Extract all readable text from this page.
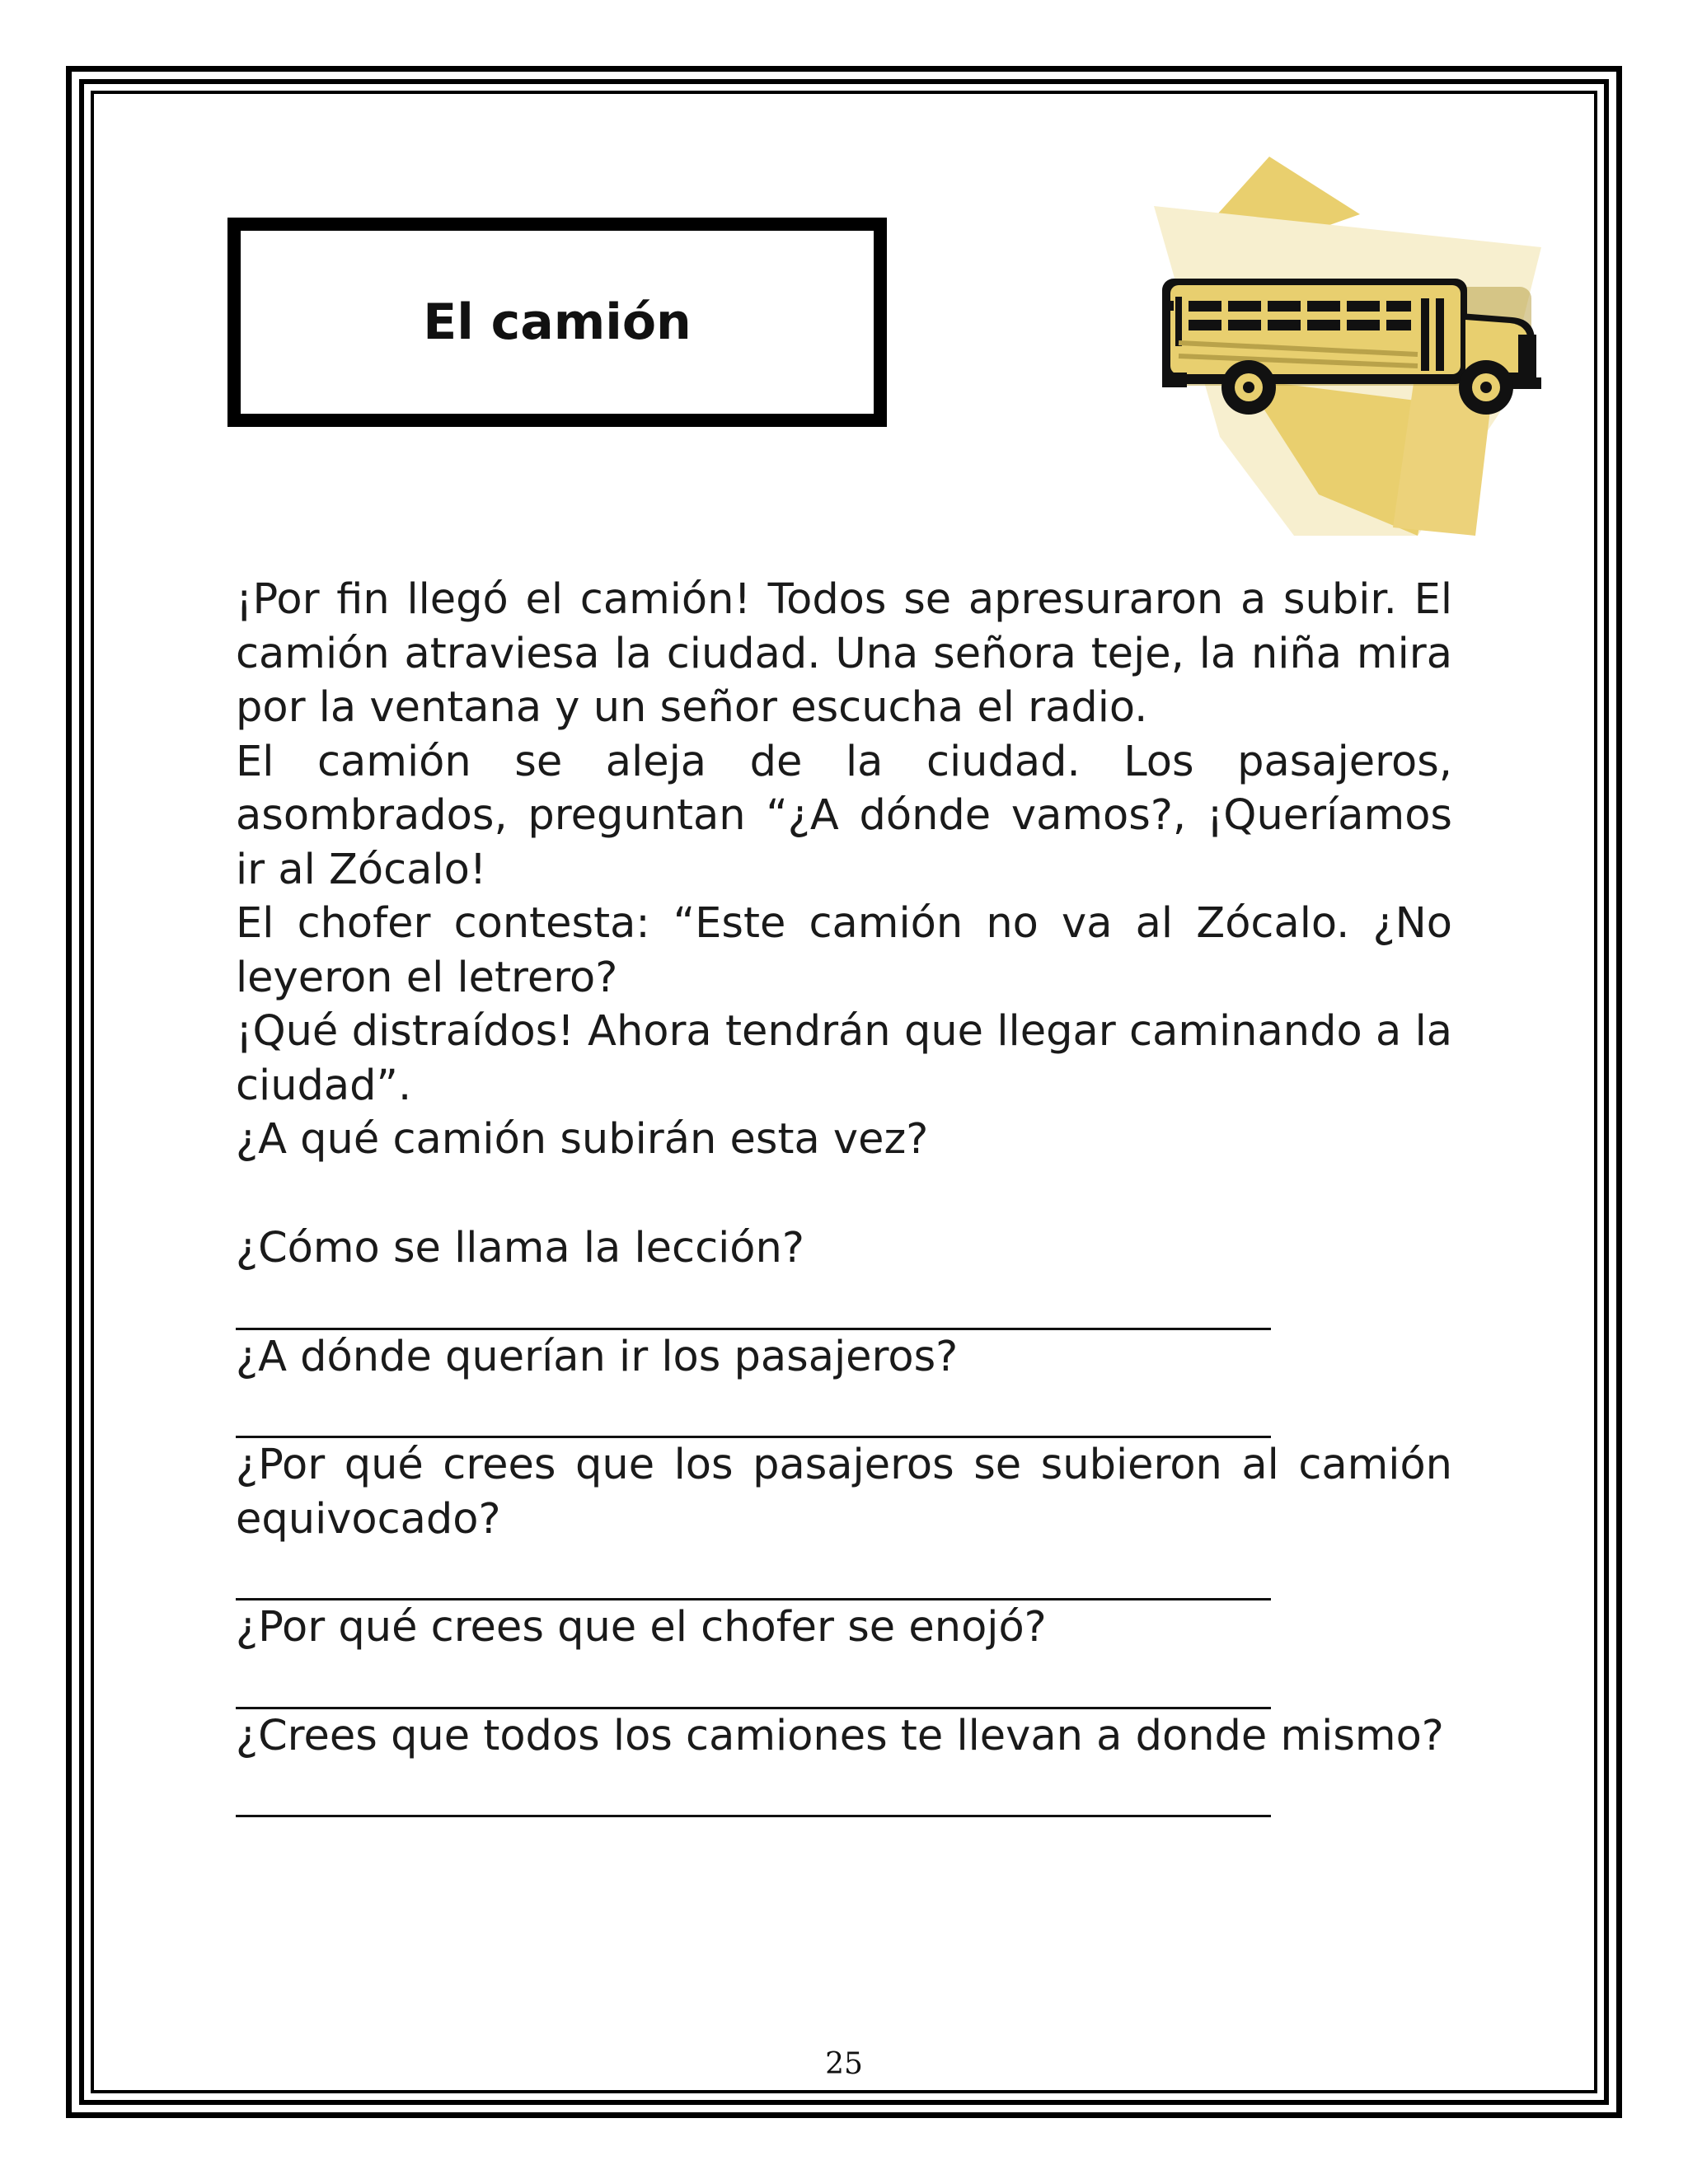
El camión

¡Por fin llegó el camión! Todos se apresuraron a subir. El camión atraviesa la ciudad. Una señora teje, la niña mira por la ventana y un señor escucha el radio.

El camión se aleja de la ciudad. Los pasajeros, asombrados, preguntan “¿A dónde vamos?, ¡Queríamos ir al Zócalo!

El chofer contesta: “Este camión no va al Zócalo. ¿No leyeron el letrero?

¡Qué distraídos! Ahora tendrán que llegar caminando a la ciudad”.

¿A qué camión subirán esta vez?

¿Cómo se llama la lección?

¿A dónde querían ir los pasajeros?

¿Por qué crees que los pasajeros se subieron al camión equivocado?

¿Por qué crees que el chofer se enojó?

¿Crees que todos los camiones te llevan a donde mismo?

25
